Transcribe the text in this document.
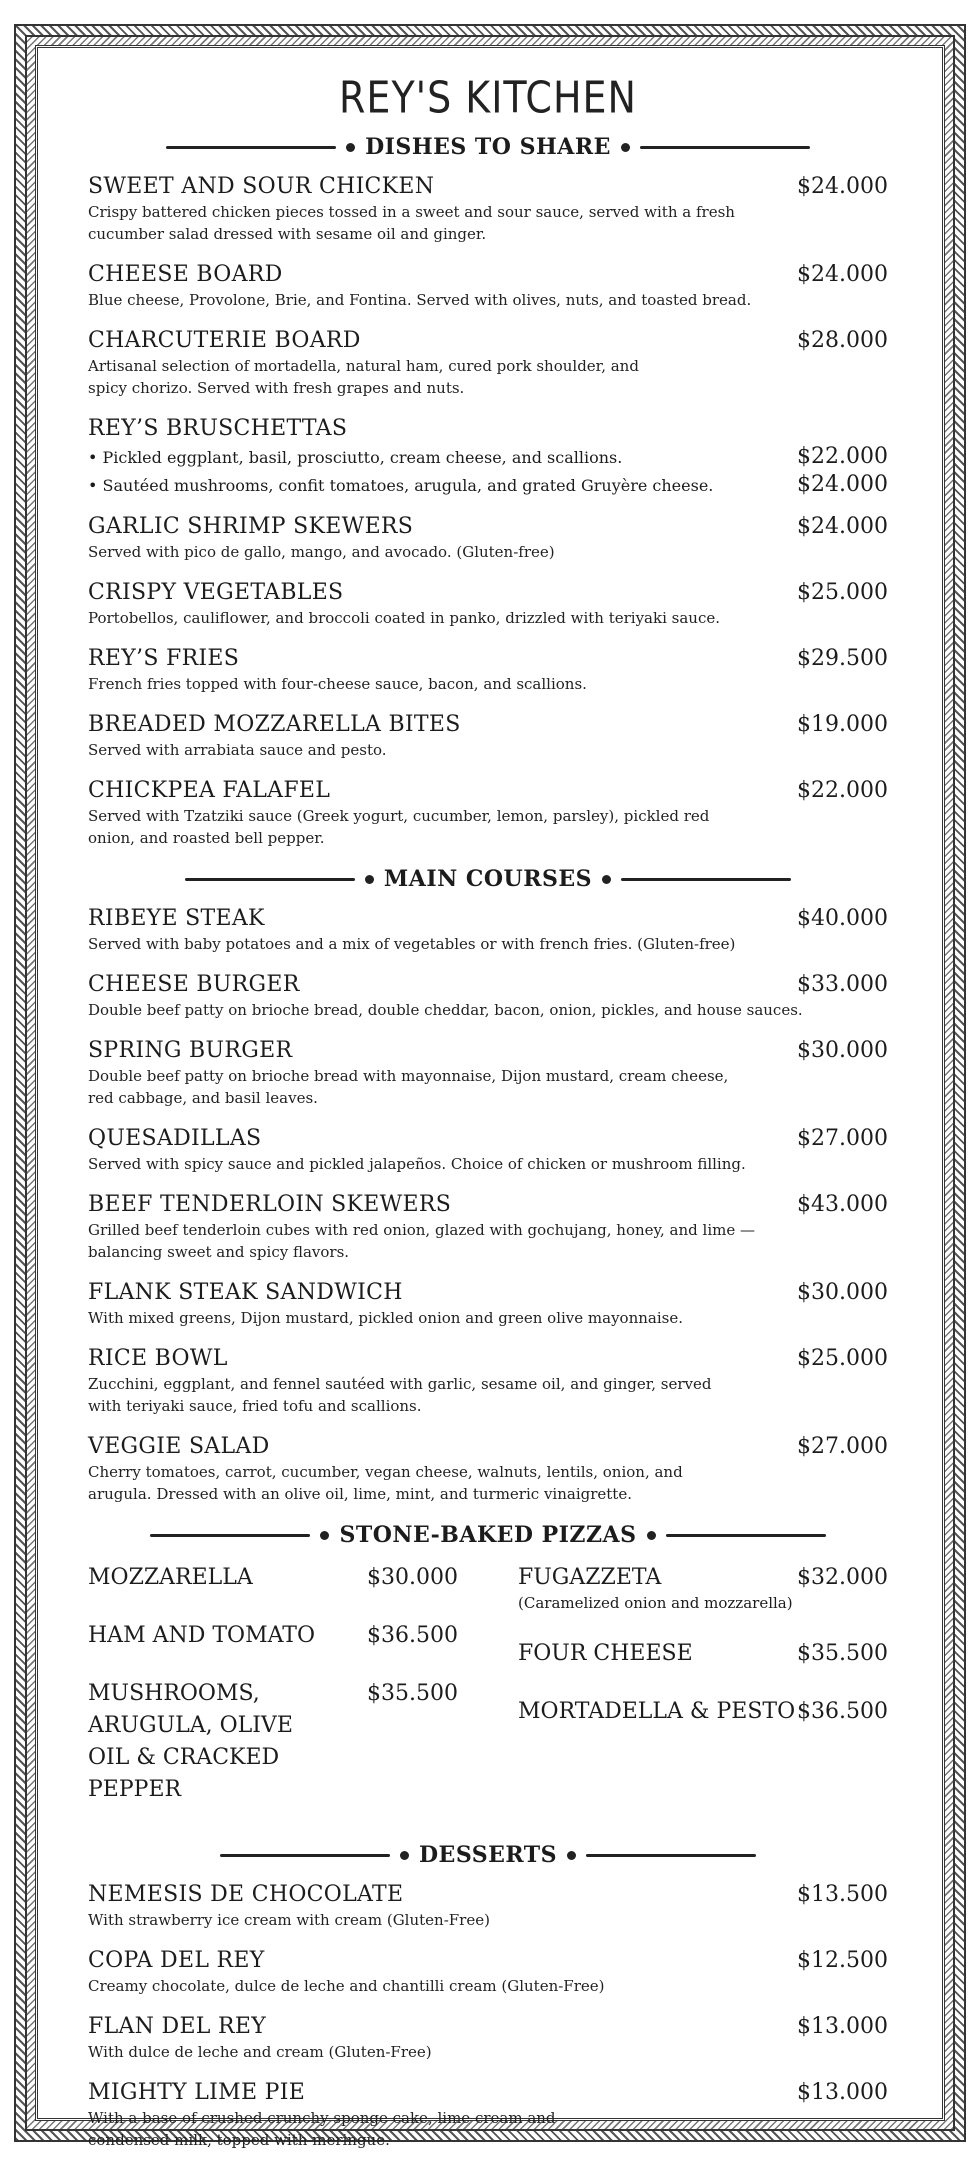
REY'S KITCHEN
DISHES TO SHARE
SWEET AND SOUR CHICKEN	$24.000
Crispy battered chicken pieces tossed in a sweet and sour sauce, served with a fresh cucumber salad dressed with sesame oil and ginger.
CHEESE BOARD	$24.000
Blue cheese, Provolone, Brie, and Fontina. Served with olives, nuts, and toasted bread.
CHARCUTERIE BOARD	$28.000
Artisanal selection of mortadella, natural ham, cured pork shoulder, and spicy chorizo. Served with fresh grapes and nuts.
REY’S BRUSCHETTAS
• Pickled eggplant, basil, prosciutto, cream cheese, and scallions.	$22.000
• Sautéed mushrooms, confit tomatoes, arugula, and grated Gruyère cheese.	$24.000
GARLIC SHRIMP SKEWERS	$24.000
Served with pico de gallo, mango, and avocado. (Gluten-free)
CRISPY VEGETABLES	$25.000
Portobellos, cauliflower, and broccoli coated in panko, drizzled with teriyaki sauce.
REY’S FRIES	$29.500
French fries topped with four-cheese sauce, bacon, and scallions.
BREADED MOZZARELLA BITES	$19.000
Served with arrabiata sauce and pesto.
CHICKPEA FALAFEL	$22.000
Served with Tzatziki sauce (Greek yogurt, cucumber, lemon, parsley), pickled red onion, and roasted bell pepper.
MAIN COURSES
RIBEYE STEAK	$40.000
Served with baby potatoes and a mix of vegetables or with french fries. (Gluten-free)
CHEESE BURGER	$33.000
Double beef patty on brioche bread, double cheddar, bacon, onion, pickles, and house sauces.
SPRING BURGER	$30.000
Double beef patty on brioche bread with mayonnaise, Dijon mustard, cream cheese, red cabbage, and basil leaves.
QUESADILLAS	$27.000
Served with spicy sauce and pickled jalapeños. Choice of chicken or mushroom filling.
BEEF TENDERLOIN SKEWERS	$43.000
Grilled beef tenderloin cubes with red onion, glazed with gochujang, honey, and lime — balancing sweet and spicy flavors.
FLANK STEAK SANDWICH	$30.000
With mixed greens, Dijon mustard, pickled onion and green olive mayonnaise.
RICE BOWL	$25.000
Zucchini, eggplant, and fennel sautéed with garlic, sesame oil, and ginger, served with teriyaki sauce, fried tofu and scallions.
VEGGIE SALAD	$27.000
Cherry tomatoes, carrot, cucumber, vegan cheese, walnuts, lentils, onion, and arugula. Dressed with an olive oil, lime, mint, and turmeric vinaigrette.
STONE-BAKED PIZZAS
MOZZARELLA	$30.000
HAM AND TOMATO $36.500
MUSHROOMS, ARUGULA, OLIVE OIL & CRACKED PEPPER
$35.500
FUGAZZETA	$32.000
(Caramelized onion and mozzarella)
FOUR CHEESE	$35.500
MORTADELLA & PESTO $36.500
DESSERTS
NEMESIS DE CHOCOLATE	$13.500
With strawberry ice cream with cream (Gluten-Free)
COPA DEL REY	$12.500
Creamy chocolate, dulce de leche and chantilli cream (Gluten-Free)
FLAN DEL REY	$13.000
With dulce de leche and cream (Gluten-Free)
MIGHTY LIME PIE	$13.000
With a base of crushed crunchy sponge cake, lime cream and condensed milk, topped with meringue.
